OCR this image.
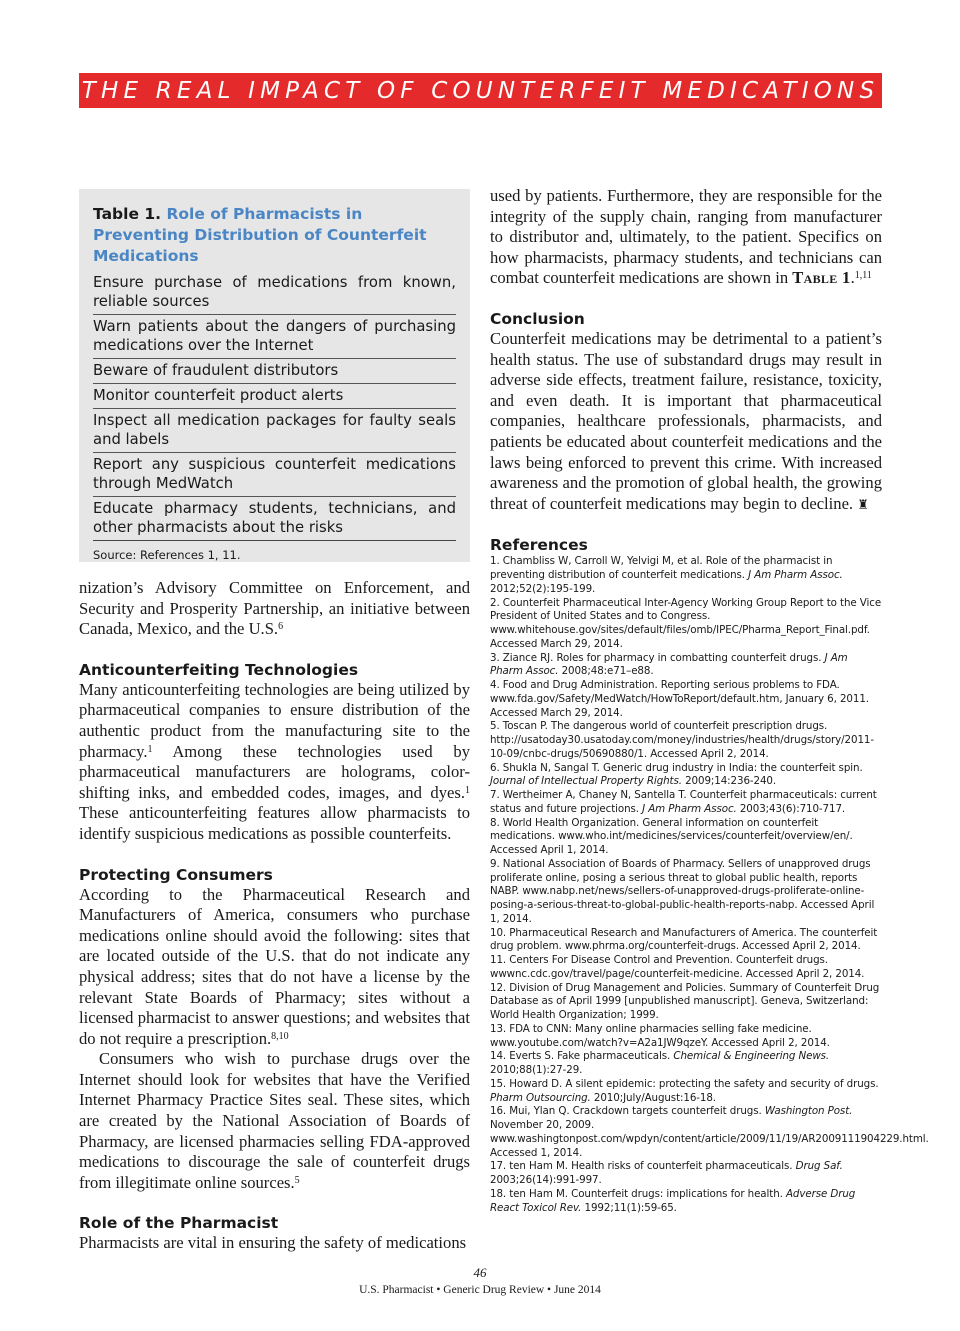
THE REAL IMPACT OF COUNTERFEIT MEDICATIONS
Table 1. Role of Pharmacists in Preventing Distribution of Counterfeit Medications
Ensure purchase of medications from known, reliable sources
Warn patients about the dangers of purchasing medications over the Internet
Beware of fraudulent distributors
Monitor counterfeit product alerts
Inspect all medication packages for faulty seals and labels
Report any suspicious counterfeit medications through MedWatch
Educate pharmacy students, technicians, and other pharmacists about the risks
Source: References 1, 11.

nization’s Advisory Committee on Enforcement, and Security and Prosperity Partnership, an initiative between Canada, Mexico, and the U.S.$^6$

Anticounterfeiting Technologies

Many anticounterfeiting technologies are being utilized by pharmaceutical companies to ensure distribution of the authentic product from the manufacturing site to the pharmacy.$^1$ Among these technologies used by pharmaceutical manufacturers are holograms, color-shifting inks, and embedded codes, images, and dyes.$^1$ These anticounterfeiting features allow pharmacists to identify suspicious medications as possible counterfeits.

Protecting Consumers

According to the Pharmaceutical Research and Manufacturers of America, consumers who purchase medications online should avoid the following: sites that are located outside of the U.S. that do not indicate any physical address; sites that do not have a license by the relevant State Boards of Pharmacy; sites without a licensed pharmacist to answer questions; and websites that do not require a prescription.$^{8,10}$

Consumers who wish to purchase drugs over the Internet should look for websites that have the Verified Internet Pharmacy Practice Sites seal. These sites, which are created by the National Association of Boards of Pharmacy, are licensed pharmacies selling FDA-approved medications to discourage the sale of counterfeit drugs from illegitimate online sources.$^5$

Role of the Pharmacist

Pharmacists are vital in ensuring the safety of medications

used by patients. Furthermore, they are responsible for the integrity of the supply chain, ranging from manufacturer to distributor and, ultimately, to the patient. Specifics on how pharmacists, pharmacy students, and technicians can combat counterfeit medications are shown in Table 1.$^{1,11}$

Conclusion

Counterfeit medications may be detrimental to a patient’s health status. The use of substandard drugs may result in adverse side effects, treatment failure, resistance, toxicity, and even death. It is important that pharmaceutical companies, healthcare professionals, pharmacists, and patients be educated about counterfeit medications and the laws being enforced to prevent this crime. With increased awareness and the promotion of global health, the growing threat of counterfeit medications may begin to decline. ♜

References

1. Chambliss W, Carroll W, Yelvigi M, et al. Role of the pharmacist in preventing distribution of counterfeit medications. J Am Pharm Assoc. 2012;52(2):195-199.

2. Counterfeit Pharmaceutical Inter-Agency Working Group Report to the Vice President of United States and to Congress. www.whitehouse.gov/sites/default/files/omb/IPEC/Pharma_Report_Final.pdf. Accessed March 29, 2014.

3. Ziance RJ. Roles for pharmacy in combatting counterfeit drugs. J Am Pharm Assoc. 2008;48:e71–e88.

4. Food and Drug Administration. Reporting serious problems to FDA. www.fda.gov/Safety/MedWatch/HowToReport/default.htm, January 6, 2011. Accessed March 29, 2014.

5. Toscan P. The dangerous world of counterfeit prescription drugs. http://usatoday30.usatoday.com/money/industries/health/drugs/story/2011-10-09/cnbc-drugs/50690880/1. Accessed April 2, 2014.

6. Shukla N, Sangal T. Generic drug industry in India: the counterfeit spin. Journal of Intellectual Property Rights. 2009;14:236-240.

7. Wertheimer A, Chaney N, Santella T. Counterfeit pharmaceuticals: current status and future projections. J Am Pharm Assoc. 2003;43(6):710-717.

8. World Health Organization. General information on counterfeit medications. www.who.int/medicines/services/counterfeit/overview/en/. Accessed April 1, 2014.

9. National Association of Boards of Pharmacy. Sellers of unapproved drugs proliferate online, posing a serious threat to global public health, reports NABP. www.nabp.net/news/sellers-of-unapproved-drugs-proliferate-online-posing-a-serious-threat-to-global-public-health-reports-nabp. Accessed April 1, 2014.

10. Pharmaceutical Research and Manufacturers of America. The counterfeit drug problem. www.phrma.org/counterfeit-drugs. Accessed April 2, 2014.

11. Centers For Disease Control and Prevention. Counterfeit drugs. wwwnc.cdc.gov/travel/page/counterfeit-medicine. Accessed April 2, 2014.

12. Division of Drug Management and Policies. Summary of Counterfeit Drug Database as of April 1999 [unpublished manuscript]. Geneva, Switzerland: World Health Organization; 1999.

13. FDA to CNN: Many online pharmacies selling fake medicine. www.youtube.com/watch?v=A2a1JW9qzeY. Accessed April 2, 2014.

14. Everts S. Fake pharmaceuticals. Chemical & Engineering News. 2010;88(1):27-29.

15. Howard D. A silent epidemic: protecting the safety and security of drugs. Pharm Outsourcing. 2010;July/August:16-18.

16. Mui, Ylan Q. Crackdown targets counterfeit drugs. Washington Post. November 20, 2009. www.washingtonpost.com/wpdyn/content/article/2009/11/19/AR2009111904229.html. Accessed 1, 2014.

17. ten Ham M. Health risks of counterfeit pharmaceuticals. Drug Saf. 2003;26(14):991-997.

18. ten Ham M. Counterfeit drugs: implications for health. Adverse Drug React Toxicol Rev. 1992;11(1):59-65.

46
U.S. Pharmacist • Generic Drug Review • June 2014
